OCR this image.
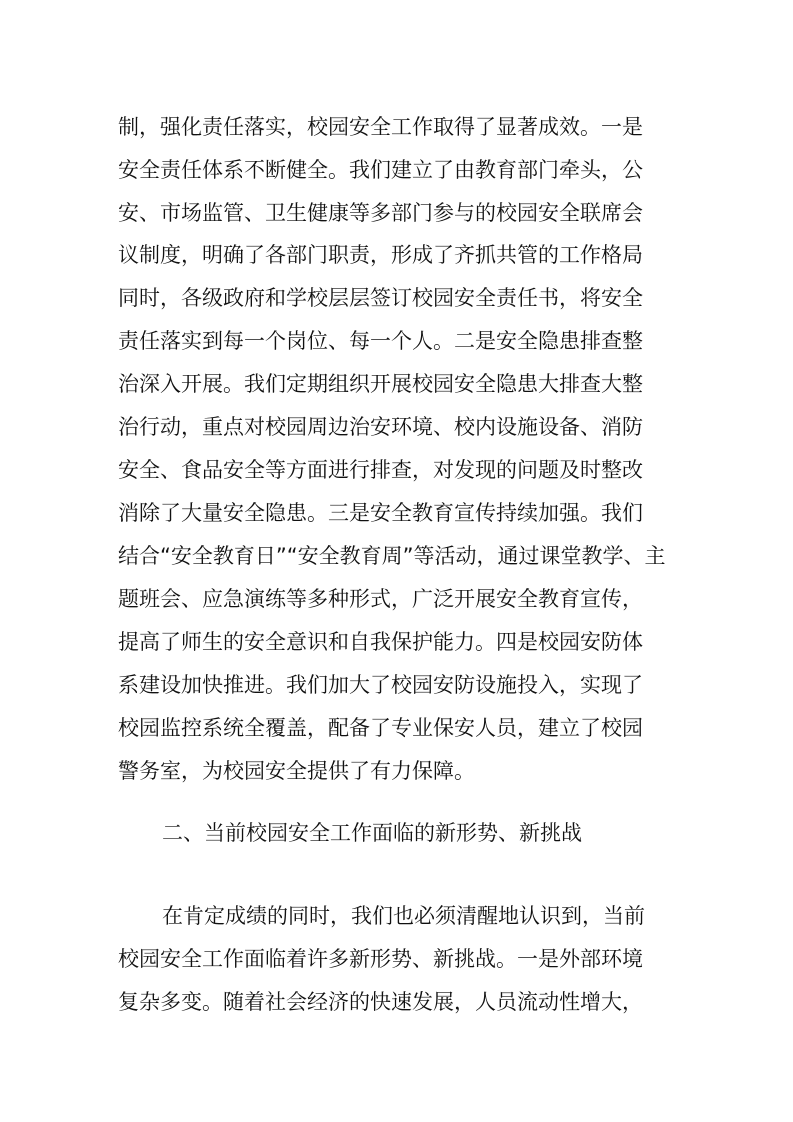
制，强化责任落实，校园安全工作取得了显著成效。一是

安全责任体系不断健全。我们建立了由教育部门牵头，公

安、市场监管、卫生健康等多部门参与的校园安全联席会

议制度，明确了各部门职责，形成了齐抓共管的工作格局

同时，各级政府和学校层层签订校园安全责任书，将安全

责任落实到每一个岗位、每一个人。二是安全隐患排查整

治深入开展。我们定期组织开展校园安全隐患大排查大整

治行动，重点对校园周边治安环境、校内设施设备、消防

安全、食品安全等方面进行排查，对发现的问题及时整改

消除了大量安全隐患。三是安全教育宣传持续加强。我们

结合“安全教育日”“安全教育周”等活动，通过课堂教学、主

题班会、应急演练等多种形式，广泛开展安全教育宣传，

提高了师生的安全意识和自我保护能力。四是校园安防体

系建设加快推进。我们加大了校园安防设施投入，实现了

校园监控系统全覆盖，配备了专业保安人员，建立了校园

警务室，为校园安全提供了有力保障。

二、当前校园安全工作面临的新形势、新挑战

在肯定成绩的同时，我们也必须清醒地认识到，当前

校园安全工作面临着许多新形势、新挑战。一是外部环境

复杂多变。随着社会经济的快速发展，人员流动性增大，
